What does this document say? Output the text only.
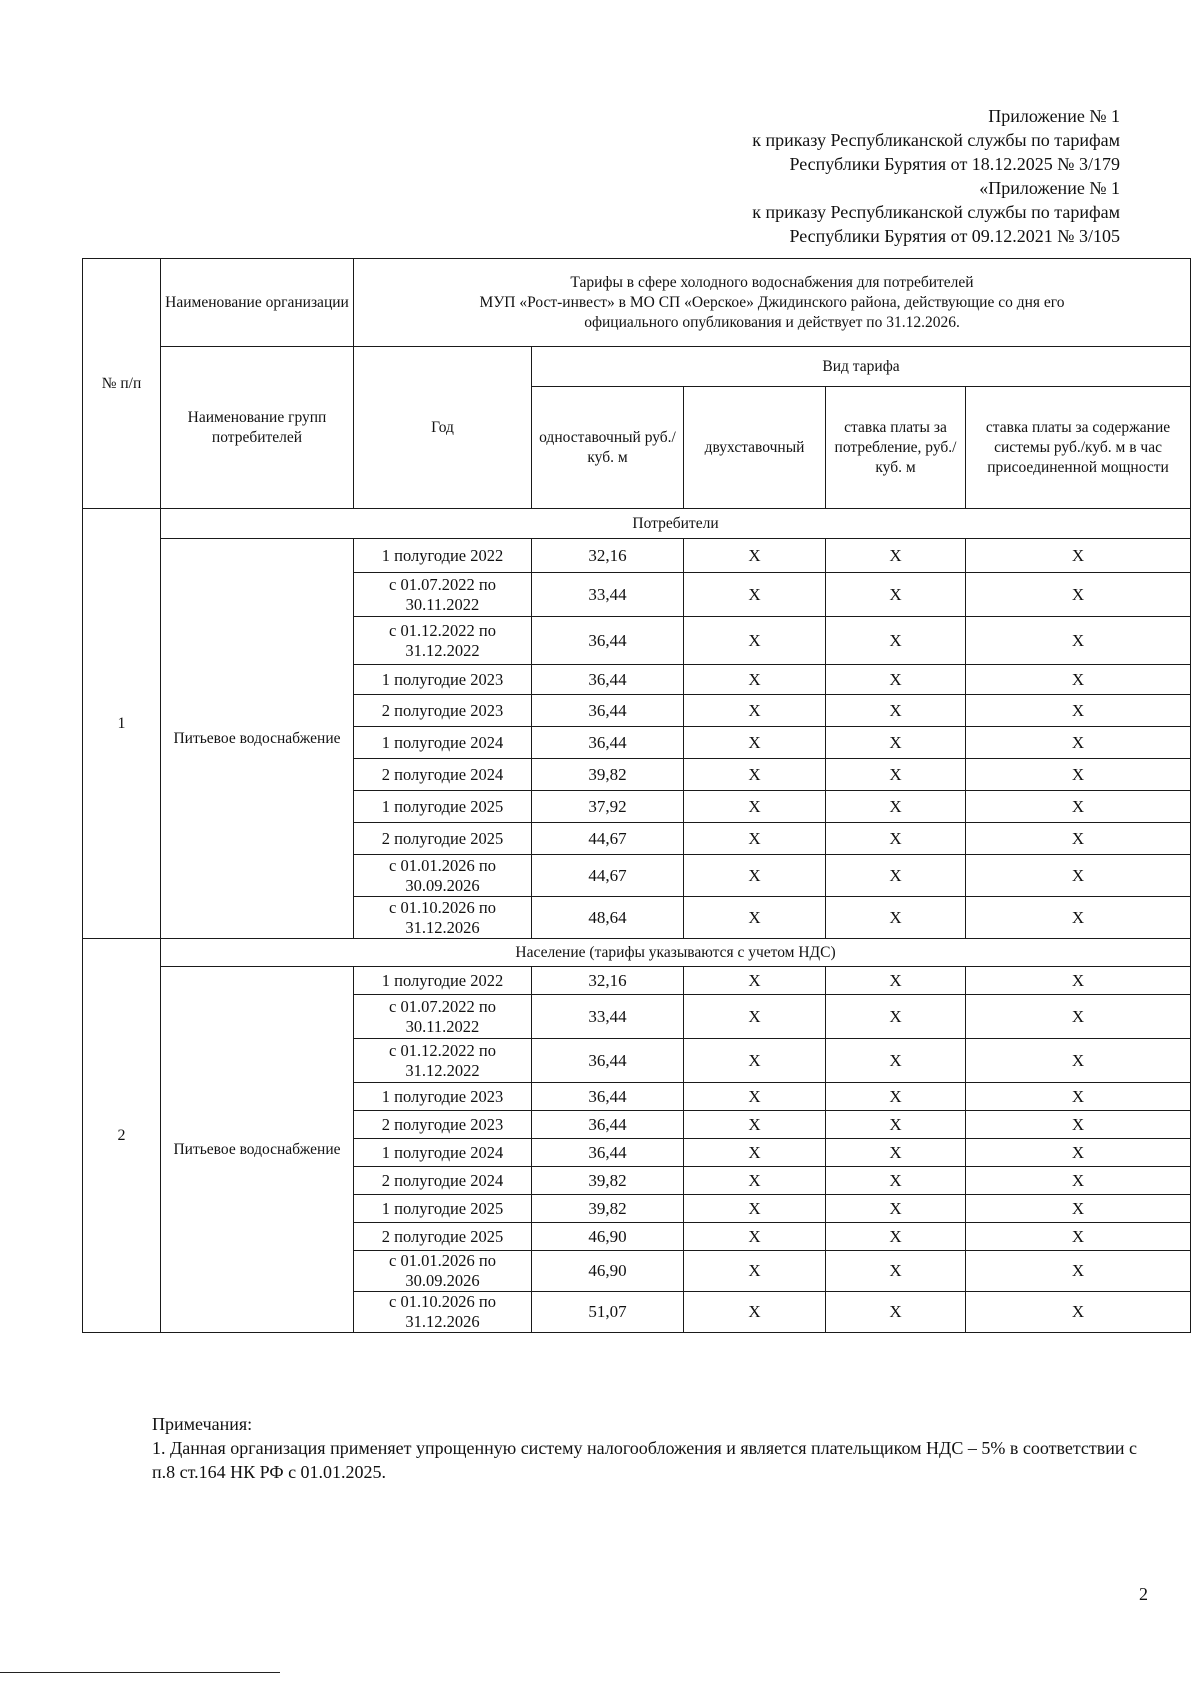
Приложение № 1
к приказу Республиканской службы по тарифам
Республики Бурятия от 18.12.2025 № 3/179
«Приложение № 1
к приказу Республиканской службы по тарифам
Республики Бурятия от 09.12.2021 № 3/105
№ п/п	Наименование организации	Тарифы в сфере холодного водоснабжения для потребителей
МУП «Рост-инвест» в МО СП «Оерское» Джидинского района, действующие со дня его
официального опубликования и действует по 31.12.2026.				

	Наименование групп потребителей	Год	Вид тарифа			
			одноставочный руб./ куб. м	двухставочный	ставка платы за потребление, руб./ куб. м	ставка платы за содержание системы руб./куб. м в час присоединенной мощности
1	Потребители					
	Питьевое водоснабжение	1 полугодие 2022	32,16	X	X	X
		с 01.07.2022 по 30.11.2022	33,44	X	X	X
		с 01.12.2022 по 31.12.2022	36,44	X	X	X
		1 полугодие 2023	36,44	X	X	X
		2 полугодие 2023	36,44	X	X	X
		1 полугодие 2024	36,44	X	X	X
		2 полугодие 2024	39,82	X	X	X
		1 полугодие 2025	37,92	X	X	X
		2 полугодие 2025	44,67	X	X	X
		с 01.01.2026 по 30.09.2026	44,67	X	X	X
		с 01.10.2026 по 31.12.2026	48,64	X	X	X
2	Население (тарифы указываются с учетом НДС)					
	Питьевое водоснабжение	1 полугодие 2022	32,16	X	X	X
		с 01.07.2022 по 30.11.2022	33,44	X	X	X
		с 01.12.2022 по 31.12.2022	36,44	X	X	X
		1 полугодие 2023	36,44	X	X	X
		2 полугодие 2023	36,44	X	X	X
		1 полугодие 2024	36,44	X	X	X
		2 полугодие 2024	39,82	X	X	X
		1 полугодие 2025	39,82	X	X	X
		2 полугодие 2025	46,90	X	X	X
		с 01.01.2026 по 30.09.2026	46,90	X	X	X
		с 01.10.2026 по 31.12.2026	51,07	X	X	X
Примечания:
1. Данная организация применяет упрощенную систему налогообложения и является плательщиком НДС – 5% в соответствии с п.8 ст.164 НК РФ с 01.01.2025.
2
